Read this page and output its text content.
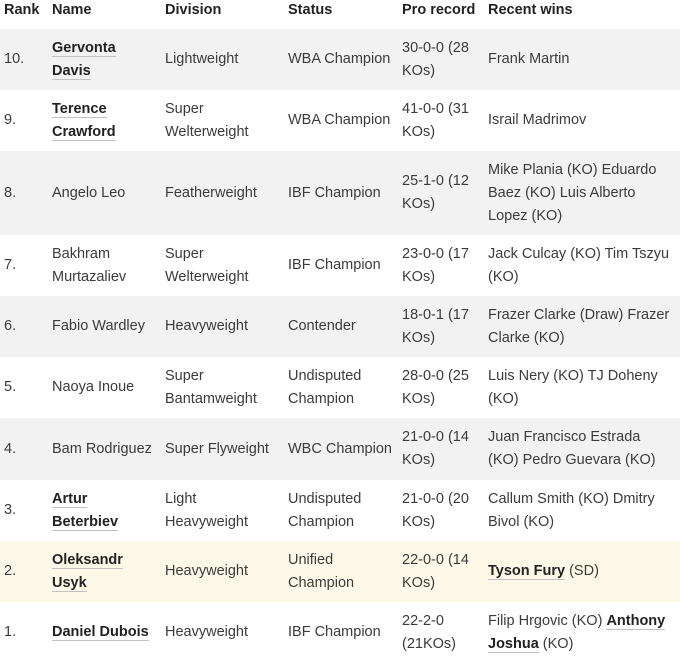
Rank	Name	Division	Status	Pro record	Recent wins
10.	Gervonta Davis	Lightweight	WBA Champion	30-0-0 (28 KOs)	Frank Martin
9.	Terence Crawford	Super Welterweight	WBA Champion	41-0-0 (31 KOs)	Israil Madrimov
8.	Angelo Leo	Featherweight	IBF Champion	25-1-0 (12 KOs)	Mike Plania (KO) Eduardo Baez (KO) Luis Alberto Lopez (KO)
7.	Bakhram Murtazaliev	Super Welterweight	IBF Champion	23-0-0 (17 KOs)	Jack Culcay (KO) Tim Tszyu (KO)
6.	Fabio Wardley	Heavyweight	Contender	18-0-1 (17 KOs)	Frazer Clarke (Draw) Frazer Clarke (KO)
5.	Naoya Inoue	Super Bantamweight	Undisputed Champion	28-0-0 (25 KOs)	Luis Nery (KO) TJ Doheny (KO)
4.	Bam Rodriguez	Super Flyweight	WBC Champion	21-0-0 (14 KOs)	Juan Francisco Estrada (KO) Pedro Guevara (KO)
3.	Artur Beterbiev	Light Heavyweight	Undisputed Champion	21-0-0 (20 KOs)	Callum Smith (KO) Dmitry Bivol (KO)
2.	Oleksandr Usyk	Heavyweight	Unified Champion	22-0-0 (14 KOs)	Tyson Fury (SD)
1.	Daniel Dubois	Heavyweight	IBF Champion	22-2-0 (21KOs)	Filip Hrgovic (KO) Anthony Joshua (KO)
